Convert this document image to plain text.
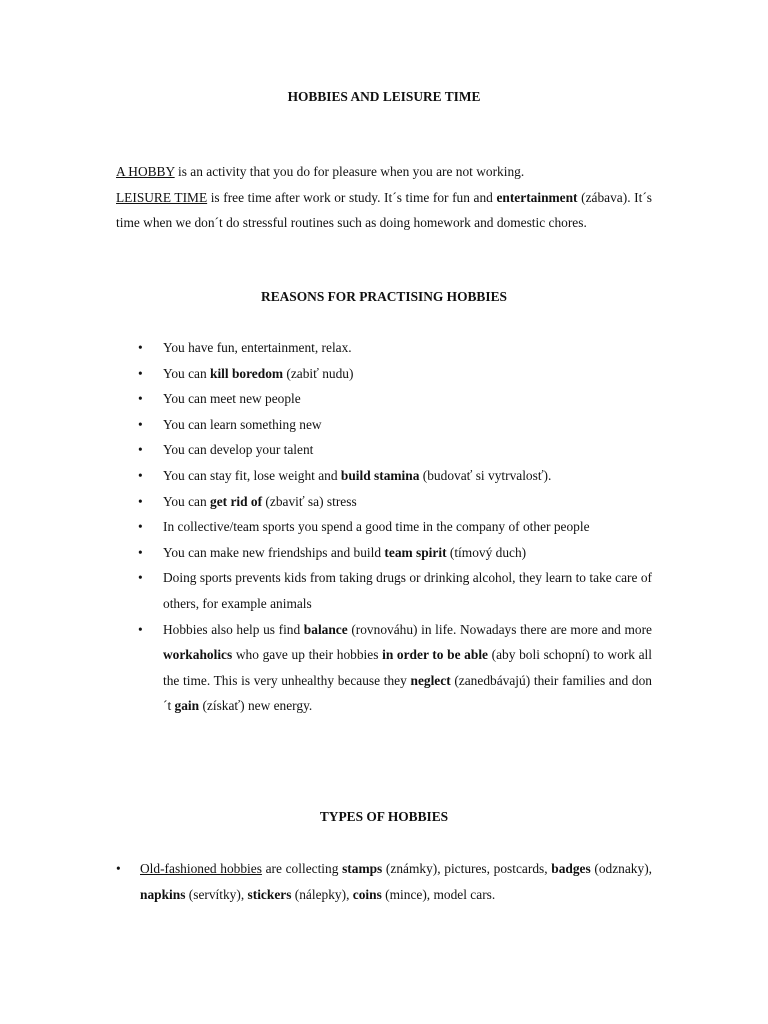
HOBBIES AND LEISURE TIME
A HOBBY is an activity that you do for pleasure when you are not working.
LEISURE TIME is free time after work or study. It´s time for fun and entertainment (zábava). It´s time when we don´t do stressful routines such as doing homework and domestic chores.
REASONS FOR PRACTISING HOBBIES
• You have fun, entertainment, relax.
• You can kill boredom (zabiť nudu)
• You can meet new people
• You can learn something new
• You can develop your talent
• You can stay fit, lose weight and build stamina (budovať si vytrvalosť).
• You can get rid of (zbaviť sa) stress
• In collective/team sports you spend a good time in the company of other people
• You can make new friendships and build team spirit (tímový duch)
• Doing sports prevents kids from taking drugs or drinking alcohol, they learn to take care of others, for example animals
• Hobbies also help us find balance (rovnováhu) in life. Nowadays there are more and more workaholics who gave up their hobbies in order to be able (aby boli schopní) to work all the time. This is very unhealthy because they neglect (zanedbávajú) their families and don´t gain (získať) new energy.
TYPES OF HOBBIES
• Old-fashioned hobbies are collecting stamps (známky), pictures, postcards, badges (odznaky), napkins (servítky), stickers (nálepky), coins (mince), model cars.
